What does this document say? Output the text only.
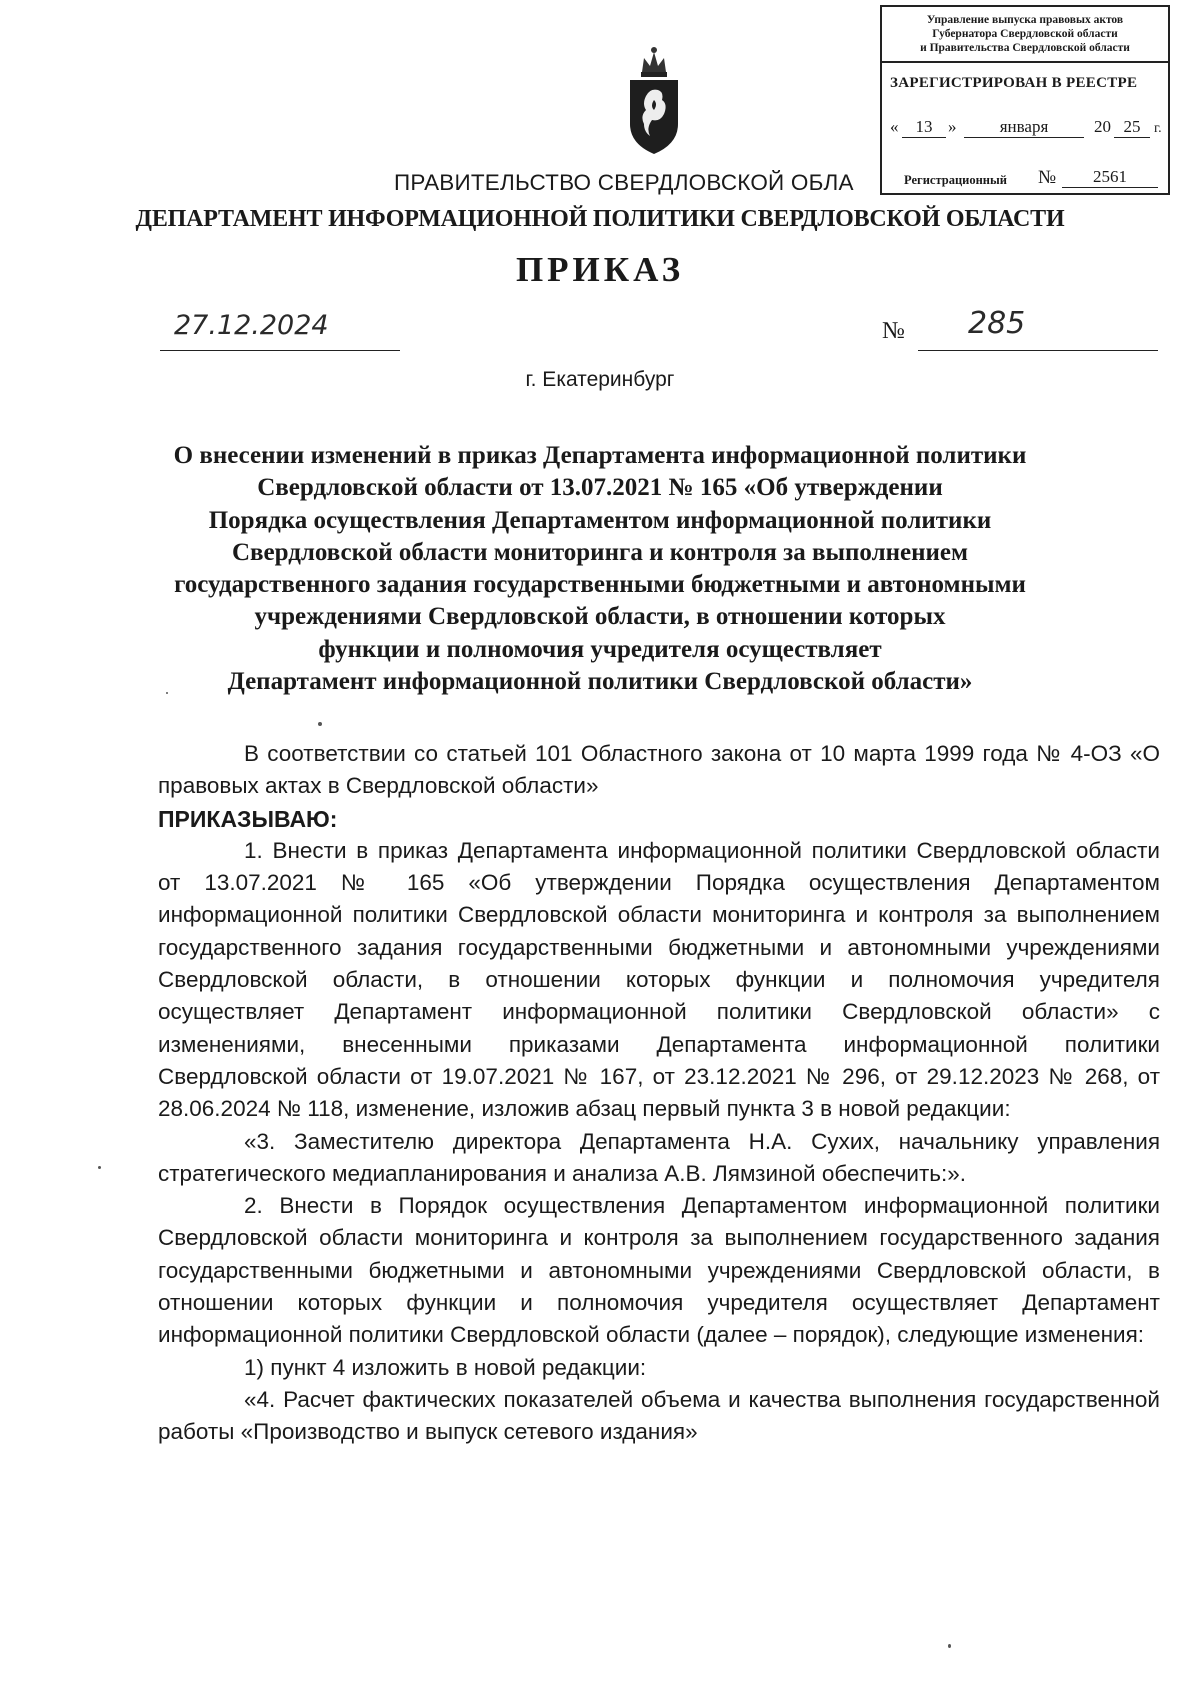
Управление выпуска правовых актов
Губернатора Свердловской области
и Правительства Свердловской области
ЗАРЕГИСТРИРОВАН В РЕЕСТРЕ
«	13 »	января	20 25 г.
Регистрационный №	2561
ПРАВИТЕЛЬСТВО СВЕРДЛОВСКОЙ ОБЛА
ДЕПАРТАМЕНТ ИНФОРМАЦИОННОЙ ПОЛИТИКИ СВЕРДЛОВСКОЙ ОБЛАСТИ
ПРИКАЗ
27.12.2024	№ 285
г. Екатеринбург
О внесении изменений в приказ Департамента информационной политики
Свердловской области от 13.07.2021 № 165 «Об утверждении
Порядка осуществления Департаментом информационной политики
Свердловской области мониторинга и контроля за выполнением
государственного задания государственными бюджетными и автономными
учреждениями Свердловской области, в отношении которых
функции и полномочия учредителя осуществляет
Департамент информационной политики Свердловской области»

В соответствии со статьей 101 Областного закона от 10 марта 1999 года № 4-ОЗ «О правовых актах в Свердловской области»

ПРИКАЗЫВАЮ:

1. Внести в приказ Департамента информационной политики Свердловской области от 13.07.2021 № 165 «Об утверждении Порядка осуществления Департаментом информационной политики Свердловской области мониторинга и контроля за выполнением государственного задания государственными бюджетными и автономными учреждениями Свердловской области, в отношении которых функции и полномочия учредителя осуществляет Департамент информационной политики Свердловской области» с изменениями, внесенными приказами Департамента информационной политики Свердловской области от 19.07.2021 № 167, от 23.12.2021 № 296, от 29.12.2023 № 268, от 28.06.2024 № 118, изменение, изложив абзац первый пункта 3 в новой редакции:

«3. Заместителю директора Департамента Н.А. Сухих, начальнику управления стратегического медиапланирования и анализа А.В. Лямзиной обеспечить:».

2. Внести в Порядок осуществления Департаментом информационной политики Свердловской области мониторинга и контроля за выполнением государственного задания государственными бюджетными и автономными учреждениями Свердловской области, в отношении которых функции и полномочия учредителя осуществляет Департамент информационной политики Свердловской области (далее – порядок), следующие изменения:

1) пункт 4 изложить в новой редакции:

«4. Расчет фактических показателей объема и качества выполнения государственной работы «Производство и выпуск сетевого издания»
